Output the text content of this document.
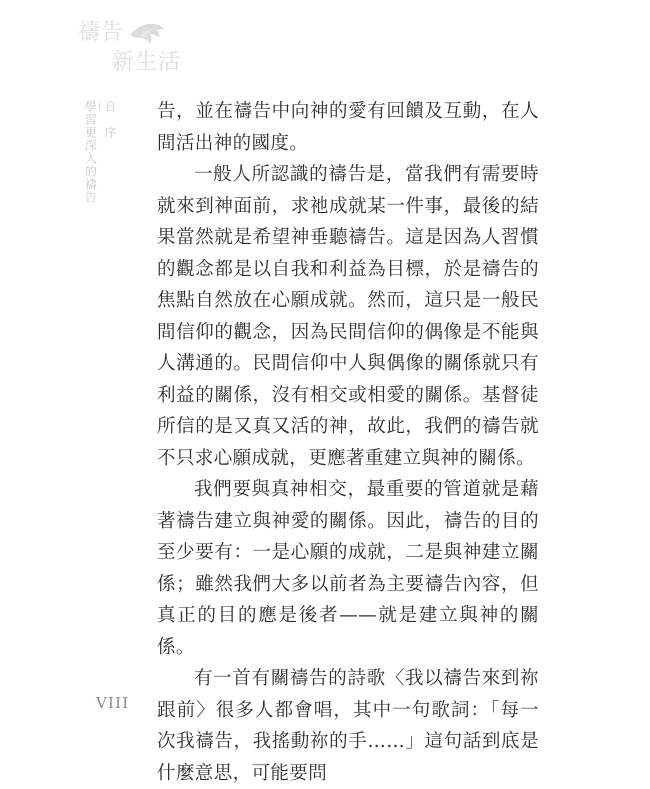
禱告
新生活
自　序
學習更深入的禱告	告，並在禱告中向神的愛有回饋及互動，在人間活出神的國度。

一般人所認識的禱告是，當我們有需要時就來到神面前，求祂成就某一件事，最後的結果當然就是希望神垂聽禱告。這是因為人習慣的觀念都是以自我和利益為目標，於是禱告的焦點自然放在心願成就。然而，這只是一般民間信仰的觀念，因為民間信仰的偶像是不能與人溝通的。民間信仰中人與偶像的關係就只有利益的關係，沒有相交或相愛的關係。基督徒所信的是又真又活的神，故此，我們的禱告就不只求心願成就，更應著重建立與神的關係。

我們要與真神相交，最重要的管道就是藉著禱告建立與神愛的關係。因此，禱告的目的至少要有：一是心願的成就，二是與神建立關係；雖然我們大多以前者為主要禱告內容，但真正的目的應是後者——就是建立與神的關係。

有一首有關禱告的詩歌〈我以禱告來到祢跟前〉很多人都會唱，其中一句歌詞：「每一次我禱告，我搖動祢的手……」這句話到底是什麼意思，可能要問

VIII
